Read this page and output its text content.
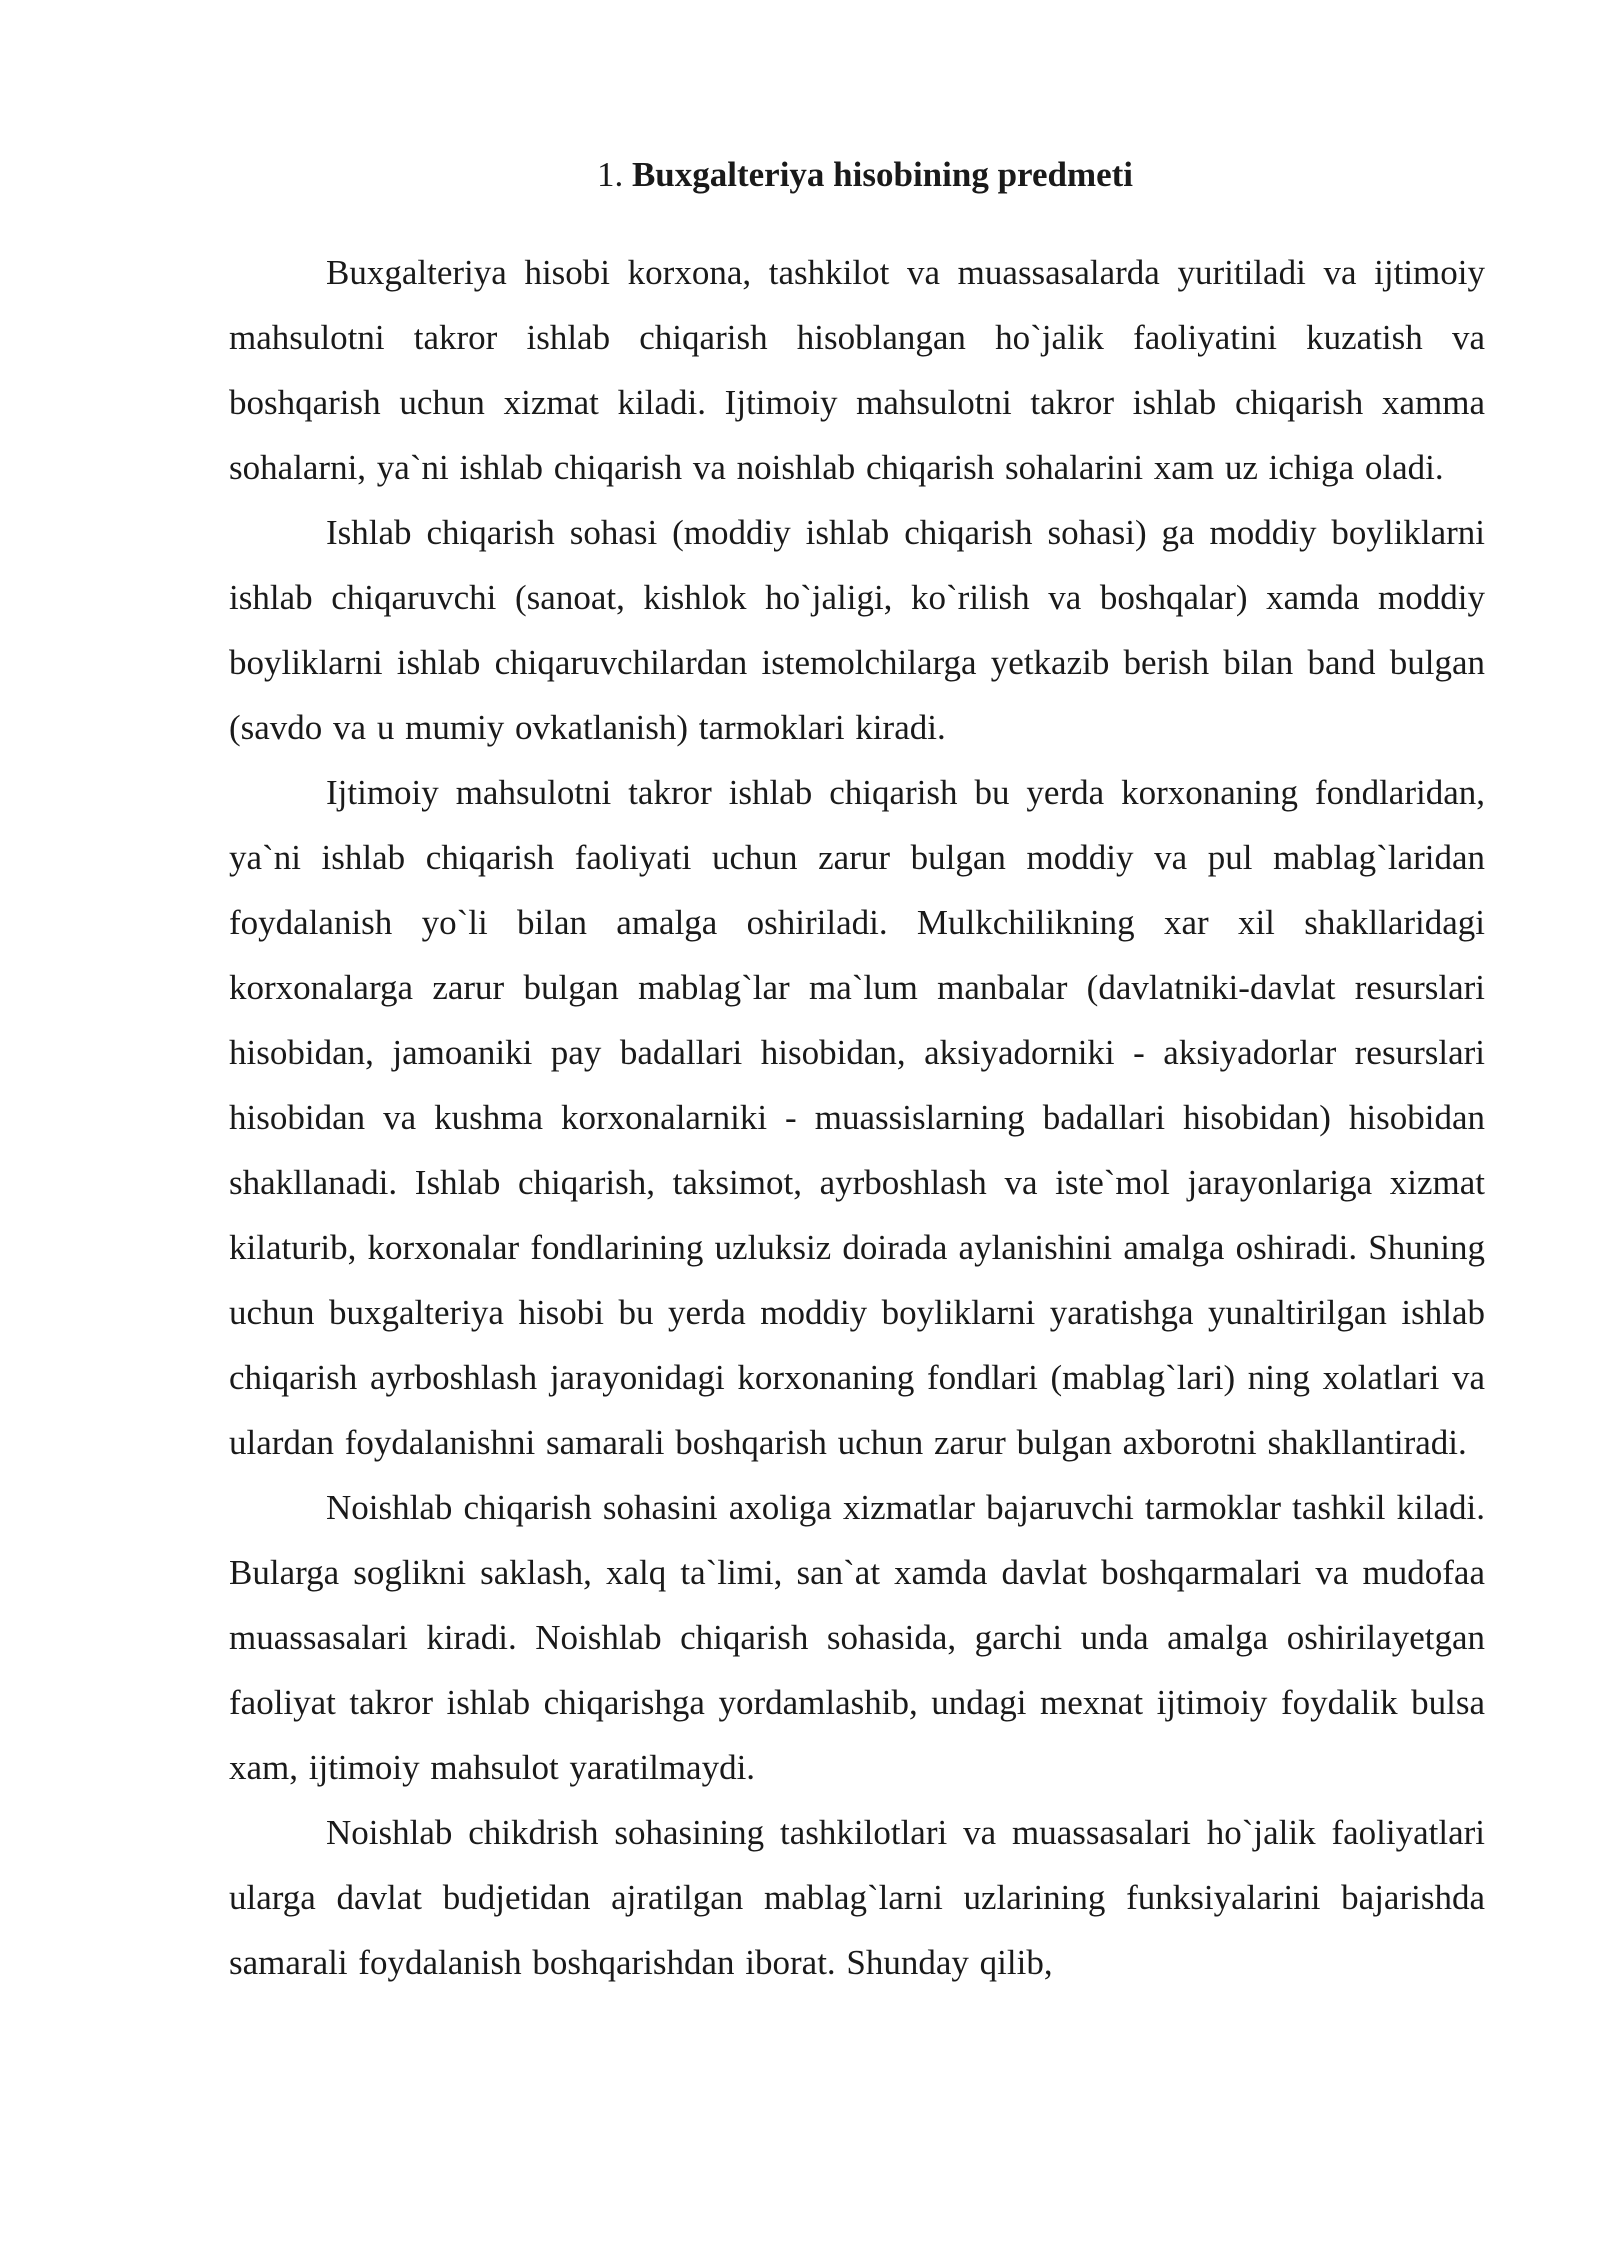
1. Buxgalteriya hisobining predmeti

Buxgalteriya hisobi korxona, tashkilot va muassasalarda yuritiladi va ijtimoiy mahsulotni takror ishlab chiqarish hisoblangan ho`jalik faoliyatini kuzatish va boshqarish uchun xizmat kiladi. Ijtimoiy mahsulotni takror ishlab chiqarish xamma sohalarni, ya`ni ishlab chiqarish va noishlab chiqarish sohalarini xam uz ichiga oladi.

Ishlab chiqarish sohasi (moddiy ishlab chiqarish sohasi) ga moddiy boyliklarni ishlab chiqaruvchi (sanoat, kishlok ho`jaligi, ko`rilish va boshqalar) xamda moddiy boyliklarni ishlab chiqaruvchilardan istemolchilarga yetkazib berish bilan band bulgan (savdo va u mumiy ovkatlanish) tarmoklari kiradi.

Ijtimoiy mahsulotni takror ishlab chiqarish bu yerda korxonaning fondlaridan, ya`ni ishlab chiqarish faoliyati uchun zarur bulgan moddiy va pul mablag`laridan foydalanish yo`li bilan amalga oshiriladi. Mulkchilikning xar xil shakllaridagi korxonalarga zarur bulgan mablag`lar ma`lum manbalar (davlatniki-davlat resurslari hisobidan, jamoaniki pay badallari hisobidan, aksiyadorniki - aksiyadorlar resurslari hisobidan va kushma korxonalarniki - muassislarning badallari hisobidan) hisobidan shakllanadi. Ishlab chiqarish, taksimot, ayrboshlash va iste`mol jarayonlariga xizmat kilaturib, korxonalar fondlarining uzluksiz doirada aylanishini amalga oshiradi. Shuning uchun buxgalteriya hisobi bu yerda moddiy boyliklarni yaratishga yunaltirilgan ishlab chiqarish ayrboshlash jarayonidagi korxonaning fondlari (mablag`lari) ning xolatlari va ulardan foydalanishni samarali boshqarish uchun zarur bulgan axborotni shakllantiradi.

Noishlab chiqarish sohasini axoliga xizmatlar bajaruvchi tarmoklar tashkil kiladi. Bularga soglikni saklash, xalq ta`limi, san`at xamda davlat boshqarmalari va mudofaa muassasalari kiradi. Noishlab chiqarish sohasida, garchi unda amalga oshirilayetgan faoliyat takror ishlab chiqarishga yordamlashib, undagi mexnat ijtimoiy foydalik bulsa xam, ijtimoiy mahsulot yaratilmaydi.

Noishlab chikdrish sohasining tashkilotlari va muassasalari ho`jalik faoliyatlari ularga davlat budjetidan ajratilgan mablag`larni uzlarining funksiyalarini bajarishda samarali foydalanish boshqarishdan iborat. Shunday qilib,
